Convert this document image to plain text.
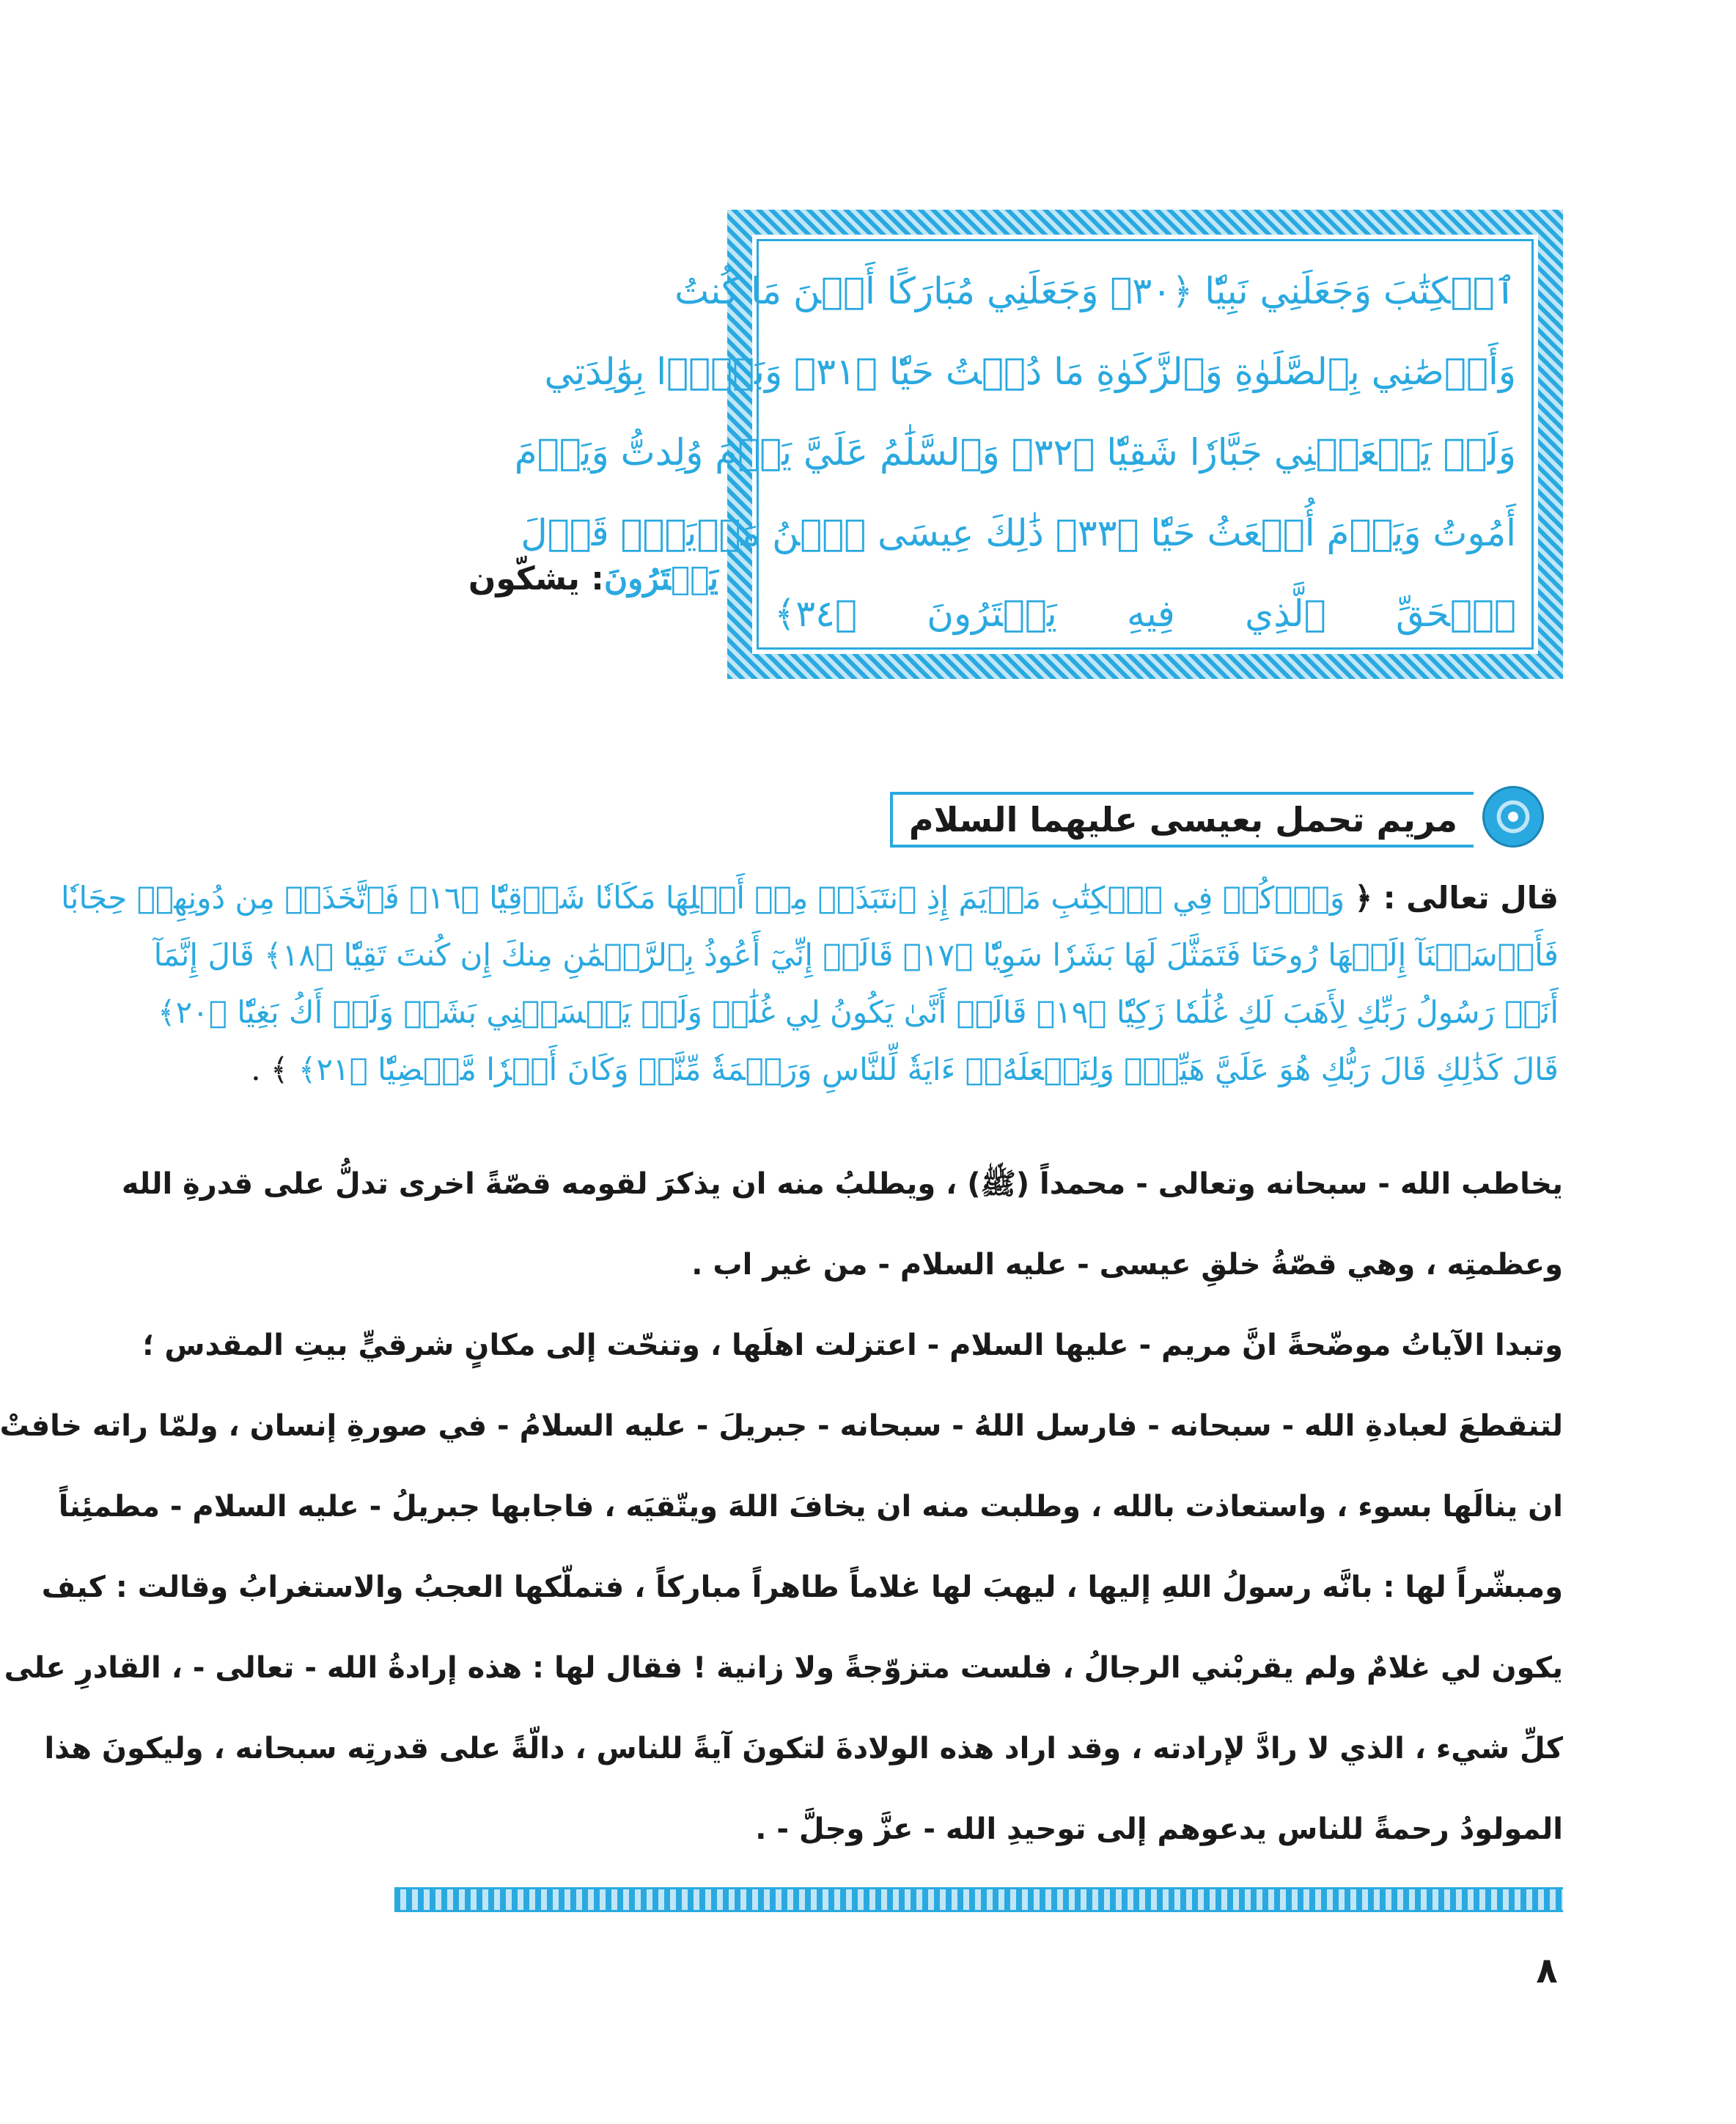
ٱلۡكِتَٰبَ وَجَعَلَنِي نَبِيّٗا ﴿٣٠﴾ وَجَعَلَنِي مُبَارَكًا أَيۡنَ مَا كُنتُ
وَأَوۡصَٰنِي بِٱلصَّلَوٰةِ وَٱلزَّكَوٰةِ مَا دُمۡتُ حَيّٗا ﴿٣١﴾ وَبَرَّۢا بِوَٰلِدَتِي
وَلَمۡ يَجۡعَلۡنِي جَبَّارٗا شَقِيّٗا ﴿٣٢﴾ وَٱلسَّلَٰمُ عَلَيَّ يَوۡمَ وُلِدتُّ وَيَوۡمَ
أَمُوتُ وَيَوۡمَ أُبۡعَثُ حَيّٗا ﴿٣٣﴾ ذَٰلِكَ عِيسَى ٱبۡنُ مَرۡيَمَۖ قَوۡلَ
ٱلۡحَقِّ ٱلَّذِي فِيهِ يَمۡتَرُونَ ﴿٣٤﴾
يَمۡتَرُونَ: يشكّون
مريم تحمل بعيسى عليهما السلام
قال تعالى : ﴿ وَٱذۡكُرۡ فِي ٱلۡكِتَٰبِ مَرۡيَمَ إِذِ ٱنتَبَذَتۡ مِنۡ أَهۡلِهَا مَكَانٗا شَرۡقِيّٗا ﴿١٦﴾ فَٱتَّخَذَتۡ مِن دُونِهِمۡ حِجَابٗا
فَأَرۡسَلۡنَآ إِلَيۡهَا رُوحَنَا فَتَمَثَّلَ لَهَا بَشَرٗا سَوِيّٗا ﴿١٧﴾ قَالَتۡ إِنِّيٓ أَعُوذُ بِٱلرَّحۡمَٰنِ مِنكَ إِن كُنتَ تَقِيّٗا ﴿١٨﴾ قَالَ إِنَّمَآ
أَنَا۠ رَسُولُ رَبِّكِ لِأَهَبَ لَكِ غُلَٰمٗا زَكِيّٗا ﴿١٩﴾ قَالَتۡ أَنَّىٰ يَكُونُ لِي غُلَٰمٞ وَلَمۡ يَمۡسَسۡنِي بَشَرٞ وَلَمۡ أَكُ بَغِيّٗا ﴿٢٠﴾
قَالَ كَذَٰلِكِ قَالَ رَبُّكِ هُوَ عَلَيَّ هَيِّنٞۖ وَلِنَجۡعَلَهُۥٓ ءَايَةٗ لِّلنَّاسِ وَرَحۡمَةٗ مِّنَّاۚ وَكَانَ أَمۡرٗا مَّقۡضِيّٗا ﴿٢١﴾ ﴾ .
يخاطب الله - سبحانه وتعالى - محمداً (ﷺ) ، ويطلبُ منه ان يذكرَ لقومه قصّةً اخرى تدلُّ على قدرةِ الله
وعظمتِه ، وهي قصّةُ خلقِ عيسى - عليه السلام - من غير اب .
وتبدا الآياتُ موضّحةً انَّ مريم - عليها السلام - اعتزلت اهلَها ، وتنحّت إلى مكانٍ شرقيٍّ بيتِ المقدس ؛
لتنقطعَ لعبادةِ الله - سبحانه - فارسل اللهُ - سبحانه - جبريلَ - عليه السلامُ - في صورةِ إنسان ، ولمّا راته خافتْ
ان ينالَها بسوء ، واستعاذت بالله ، وطلبت منه ان يخافَ اللهَ ويتّقيَه ، فاجابها جبريلُ - عليه السلام - مطمئِناً
ومبشّراً لها : بانَّه رسولُ اللهِ إليها ، ليهبَ لها غلاماً طاهراً مباركاً ، فتملّكها العجبُ والاستغرابُ وقالت : كيف
يكون لي غلامٌ ولم يقربْني الرجالُ ، فلست متزوّجةً ولا زانية ! فقال لها : هذه إرادةُ الله - تعالى - ، القادرِ على
كلِّ شيء ، الذي لا رادَّ لإرادته ، وقد اراد هذه الولادةَ لتكونَ آيةً للناس ، دالّةً على قدرتِه سبحانه ، وليكونَ هذا
المولودُ رحمةً للناس يدعوهم إلى توحيدِ الله - عزَّ وجلَّ - .
٨
